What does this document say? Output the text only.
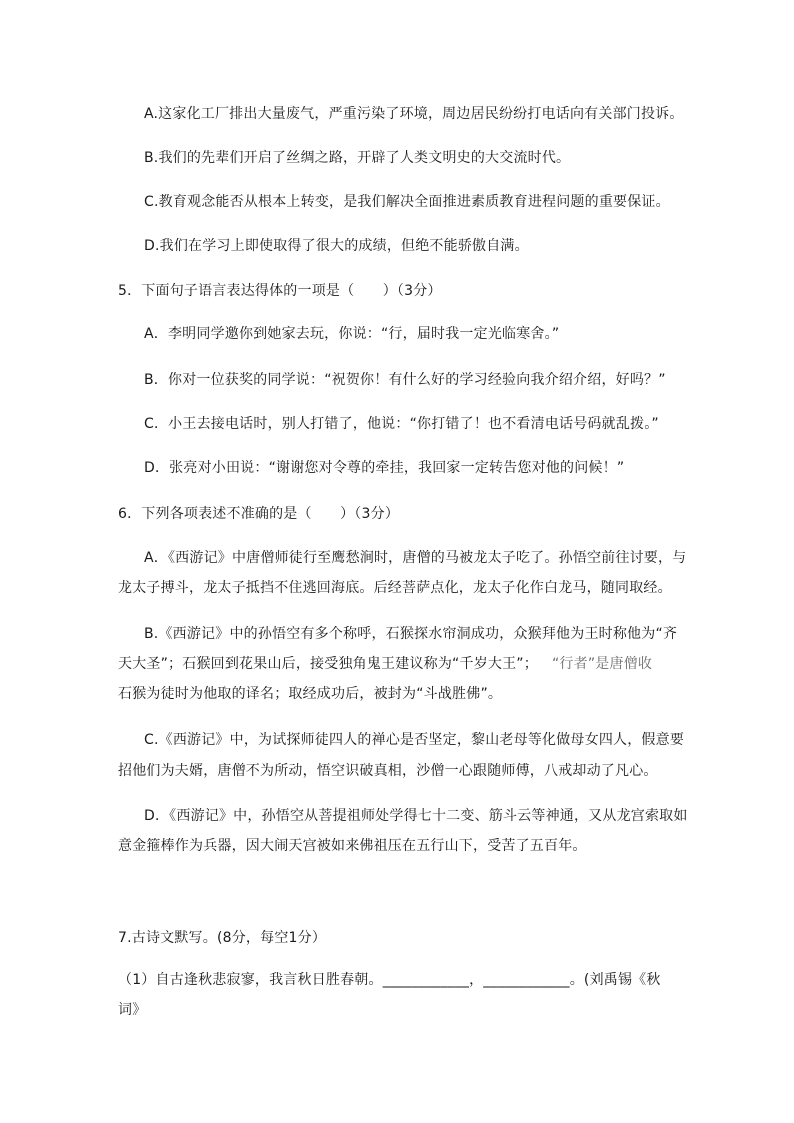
A.这家化工厂排出大量废气，严重污染了环境，周边居民纷纷打电话向有关部门投诉。
B.我们的先辈们开启了丝绸之路，开辟了人类文明史的大交流时代。
C.教育观念能否从根本上转变，是我们解决全面推进素质教育进程问题的重要保证。
D.我们在学习上即使取得了很大的成绩，但绝不能骄傲自满。
5．下面句子语言表达得体的一项是（　　）（3分）
A．李明同学邀你到她家去玩，你说：“行，届时我一定光临寒舍。”
B．你对一位获奖的同学说：“祝贺你！有什么好的学习经验向我介绍介绍，好吗？”
C．小王去接电话时，别人打错了，他说：“你打错了！也不看清电话号码就乱拨。”
D．张亮对小田说：“谢谢您对令尊的牵挂，我回家一定转告您对他的问候！”
6．下列各项表述不准确的是（　　）（3分）
A．《西游记》中唐僧师徒行至鹰愁涧时，唐僧的马被龙太子吃了。孙悟空前往讨要，与
龙太子搏斗，龙太子抵挡不住逃回海底。后经菩萨点化，龙太子化作白龙马，随同取经。
B.《西游记》中的孙悟空有多个称呼，石猴探水帘洞成功，众猴拜他为王时称他为“齐
天大圣”；石猴回到花果山后，接受独角鬼王建议称为“千岁大王”； “行者”是唐僧收
石猴为徒时为他取的译名；取经成功后，被封为“斗战胜佛”。
C.《西游记》中，为试探师徒四人的禅心是否坚定，黎山老母等化做母女四人，假意要
招他们为夫婿，唐僧不为所动，悟空识破真相，沙僧一心跟随师傅，八戒却动了凡心。
D．《西游记》中，孙悟空从菩提祖师处学得七十二变、筋斗云等神通，又从龙宫索取如
意金箍棒作为兵器，因大闹天宫被如来佛祖压在五行山下，受苦了五百年。
7.古诗文默写。(8分，每空1分）
（1）自古逢秋悲寂寥，我言秋日胜春朝。____________，____________。(刘禹锡《秋
词》
